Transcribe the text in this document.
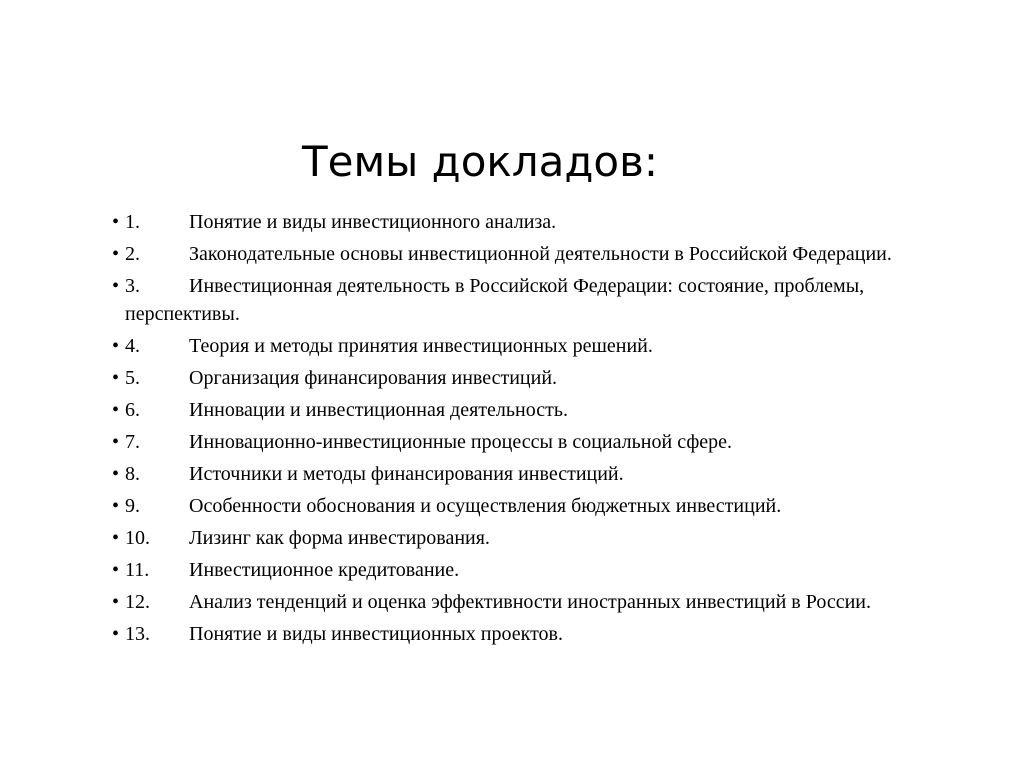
Темы докладов:
• 1. Понятие и виды инвестиционного анализа.
• 2. Законодательные основы инвестиционной деятельности в Российской Федерации.
• 3. Инвестиционная деятельность в Российской Федерации: состояние, проблемы, перспективы.
• 4. Теория и методы принятия инвестиционных решений.
• 5. Организация финансирования инвестиций.
• 6. Инновации и инвестиционная деятельность.
• 7. Инновационно-инвестиционные процессы в социальной сфере.
• 8. Источники и методы финансирования инвестиций.
• 9. Особенности обоснования и осуществления бюджетных инвестиций.
• 10. Лизинг как форма инвестирования.
• 11. Инвестиционное кредитование.
• 12. Анализ тенденций и оценка эффективности иностранных инвестиций в России.
• 13. Понятие и виды инвестиционных проектов.
